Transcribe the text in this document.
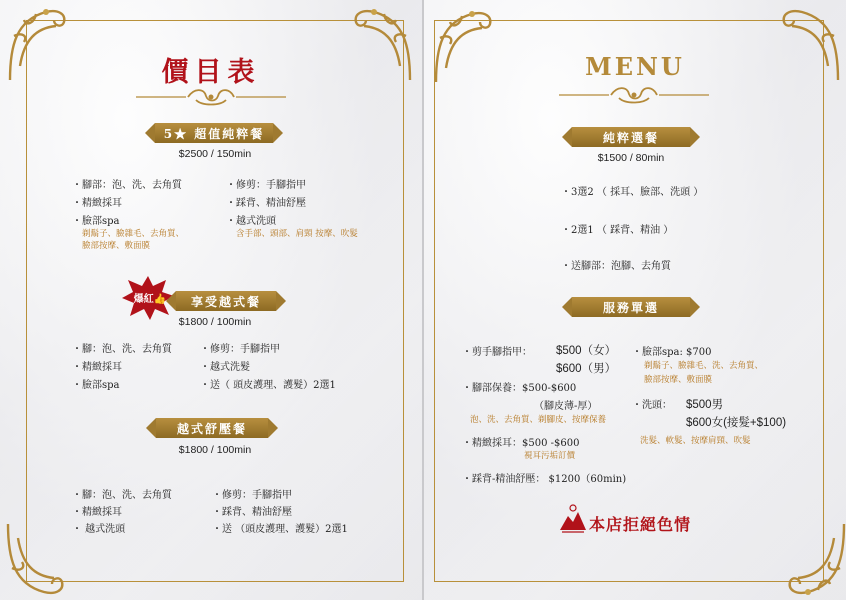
價目表
5★ 超值純粹餐
$2500 / 150min
・腳部：泡、洗、去角質
・精緻採耳
・臉部spa
剃鬍子、臉雜毛、去角質、
臉部按摩、敷面膜
・修剪：手腳指甲
・踩背、精油舒壓
・越式洗頭
含手部、頭部、肩頸 按摩、吹髮
爆紅👍	享受越式餐
$1800 / 100min
・腳：泡、洗、去角質
・精緻採耳
・臉部spa
・修剪：手腳指甲
・越式洗髮
・送（ 頭皮護理、護髮）2選1
越式舒壓餐
$1800 / 100min
・腳：泡、洗、去角質
・精緻採耳
・ 越式洗頭
・修剪：手腳指甲
・踩背、精油舒壓
・送 （頭皮護理、護髮）2選1
MENU
純粹選餐
$1500 / 80min
・3選2 （ 採耳、臉部、洗頭 ）
・2選1 （ 踩背、精油 ）
・送腳部：泡腳、去角質
服務單選
・剪手腳指甲： $500（女）
$600（男）
・臉部spa: $700
剃鬍子、臉雜毛、洗、去角質、
臉部按摩、敷面膜
・腳部保養：$500-$600
（腳皮薄-厚）
泡、洗、去角質、剃腳皮、按摩保養
・洗頭： $500男
$600女(接髮+$100)
・精緻採耳：$500 -$600
視耳污垢訂價
洗髮、軟髮、按摩肩頸、吹髮
・踩背-精油舒壓： $1200（60min)
本店拒絕色情
